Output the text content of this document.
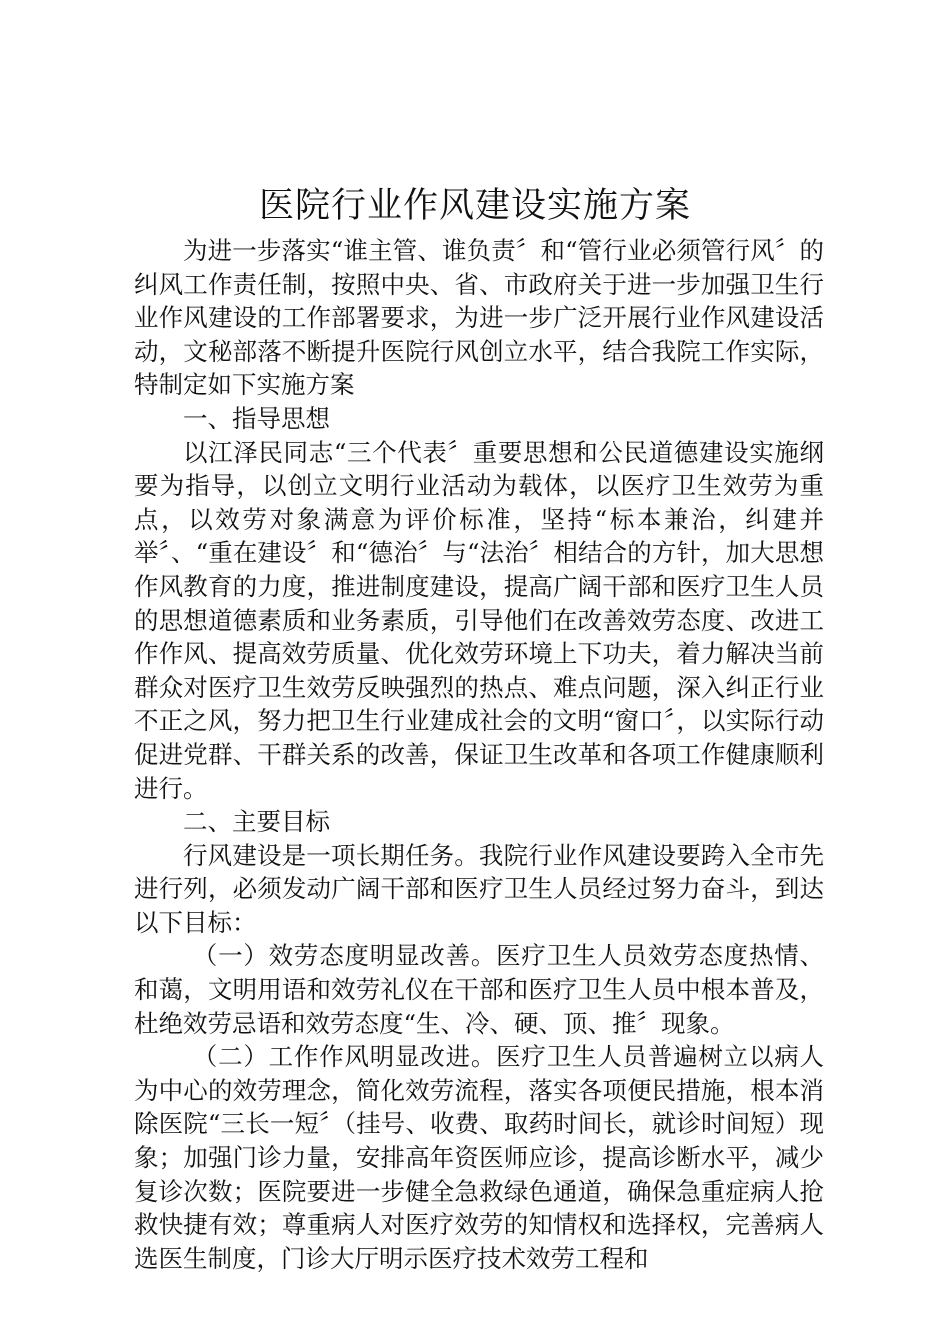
医院行业作风建设实施方案

为进一步落实“谁主管、谁负责〞和“管行业必须管行风〞的纠风工作责任制，按照中央、省、市政府关于进一步加强卫生行业作风建设的工作部署要求，为进一步广泛开展行业作风建设活动，文秘部落不断提升医院行风创立水平，结合我院工作实际，特制定如下实施方案

一、指导思想

以江泽民同志“三个代表〞重要思想和公民道德建设实施纲要为指导，以创立文明行业活动为载体，以医疗卫生效劳为重点，以效劳对象满意为评价标准，坚持“标本兼治，纠建并举〞、“重在建设〞和“德治〞与“法治〞相结合的方针，加大思想作风教育的力度，推进制度建设，提高广阔干部和医疗卫生人员的思想道德素质和业务素质，引导他们在改善效劳态度、改进工作作风、提高效劳质量、优化效劳环境上下功夫，着力解决当前群众对医疗卫生效劳反映强烈的热点、难点问题，深入纠正行业不正之风，努力把卫生行业建成社会的文明“窗口〞，以实际行动促进党群、干群关系的改善，保证卫生改革和各项工作健康顺利进行。

二、主要目标

行风建设是一项长期任务。我院行业作风建设要跨入全市先进行列，必须发动广阔干部和医疗卫生人员经过努力奋斗，到达以下目标：

（一）效劳态度明显改善。医疗卫生人员效劳态度热情、和蔼，文明用语和效劳礼仪在干部和医疗卫生人员中根本普及，杜绝效劳忌语和效劳态度“生、冷、硬、顶、推〞现象。

（二）工作作风明显改进。医疗卫生人员普遍树立以病人为中心的效劳理念，简化效劳流程，落实各项便民措施，根本消除医院“三长一短〞（挂号、收费、取药时间长，就诊时间短）现象；加强门诊力量，安排高年资医师应诊，提高诊断水平，减少复诊次数；医院要进一步健全急救绿色通道，确保急重症病人抢救快捷有效；尊重病人对医疗效劳的知情权和选择权，完善病人选医生制度，门诊大厅明示医疗技术效劳工程和
